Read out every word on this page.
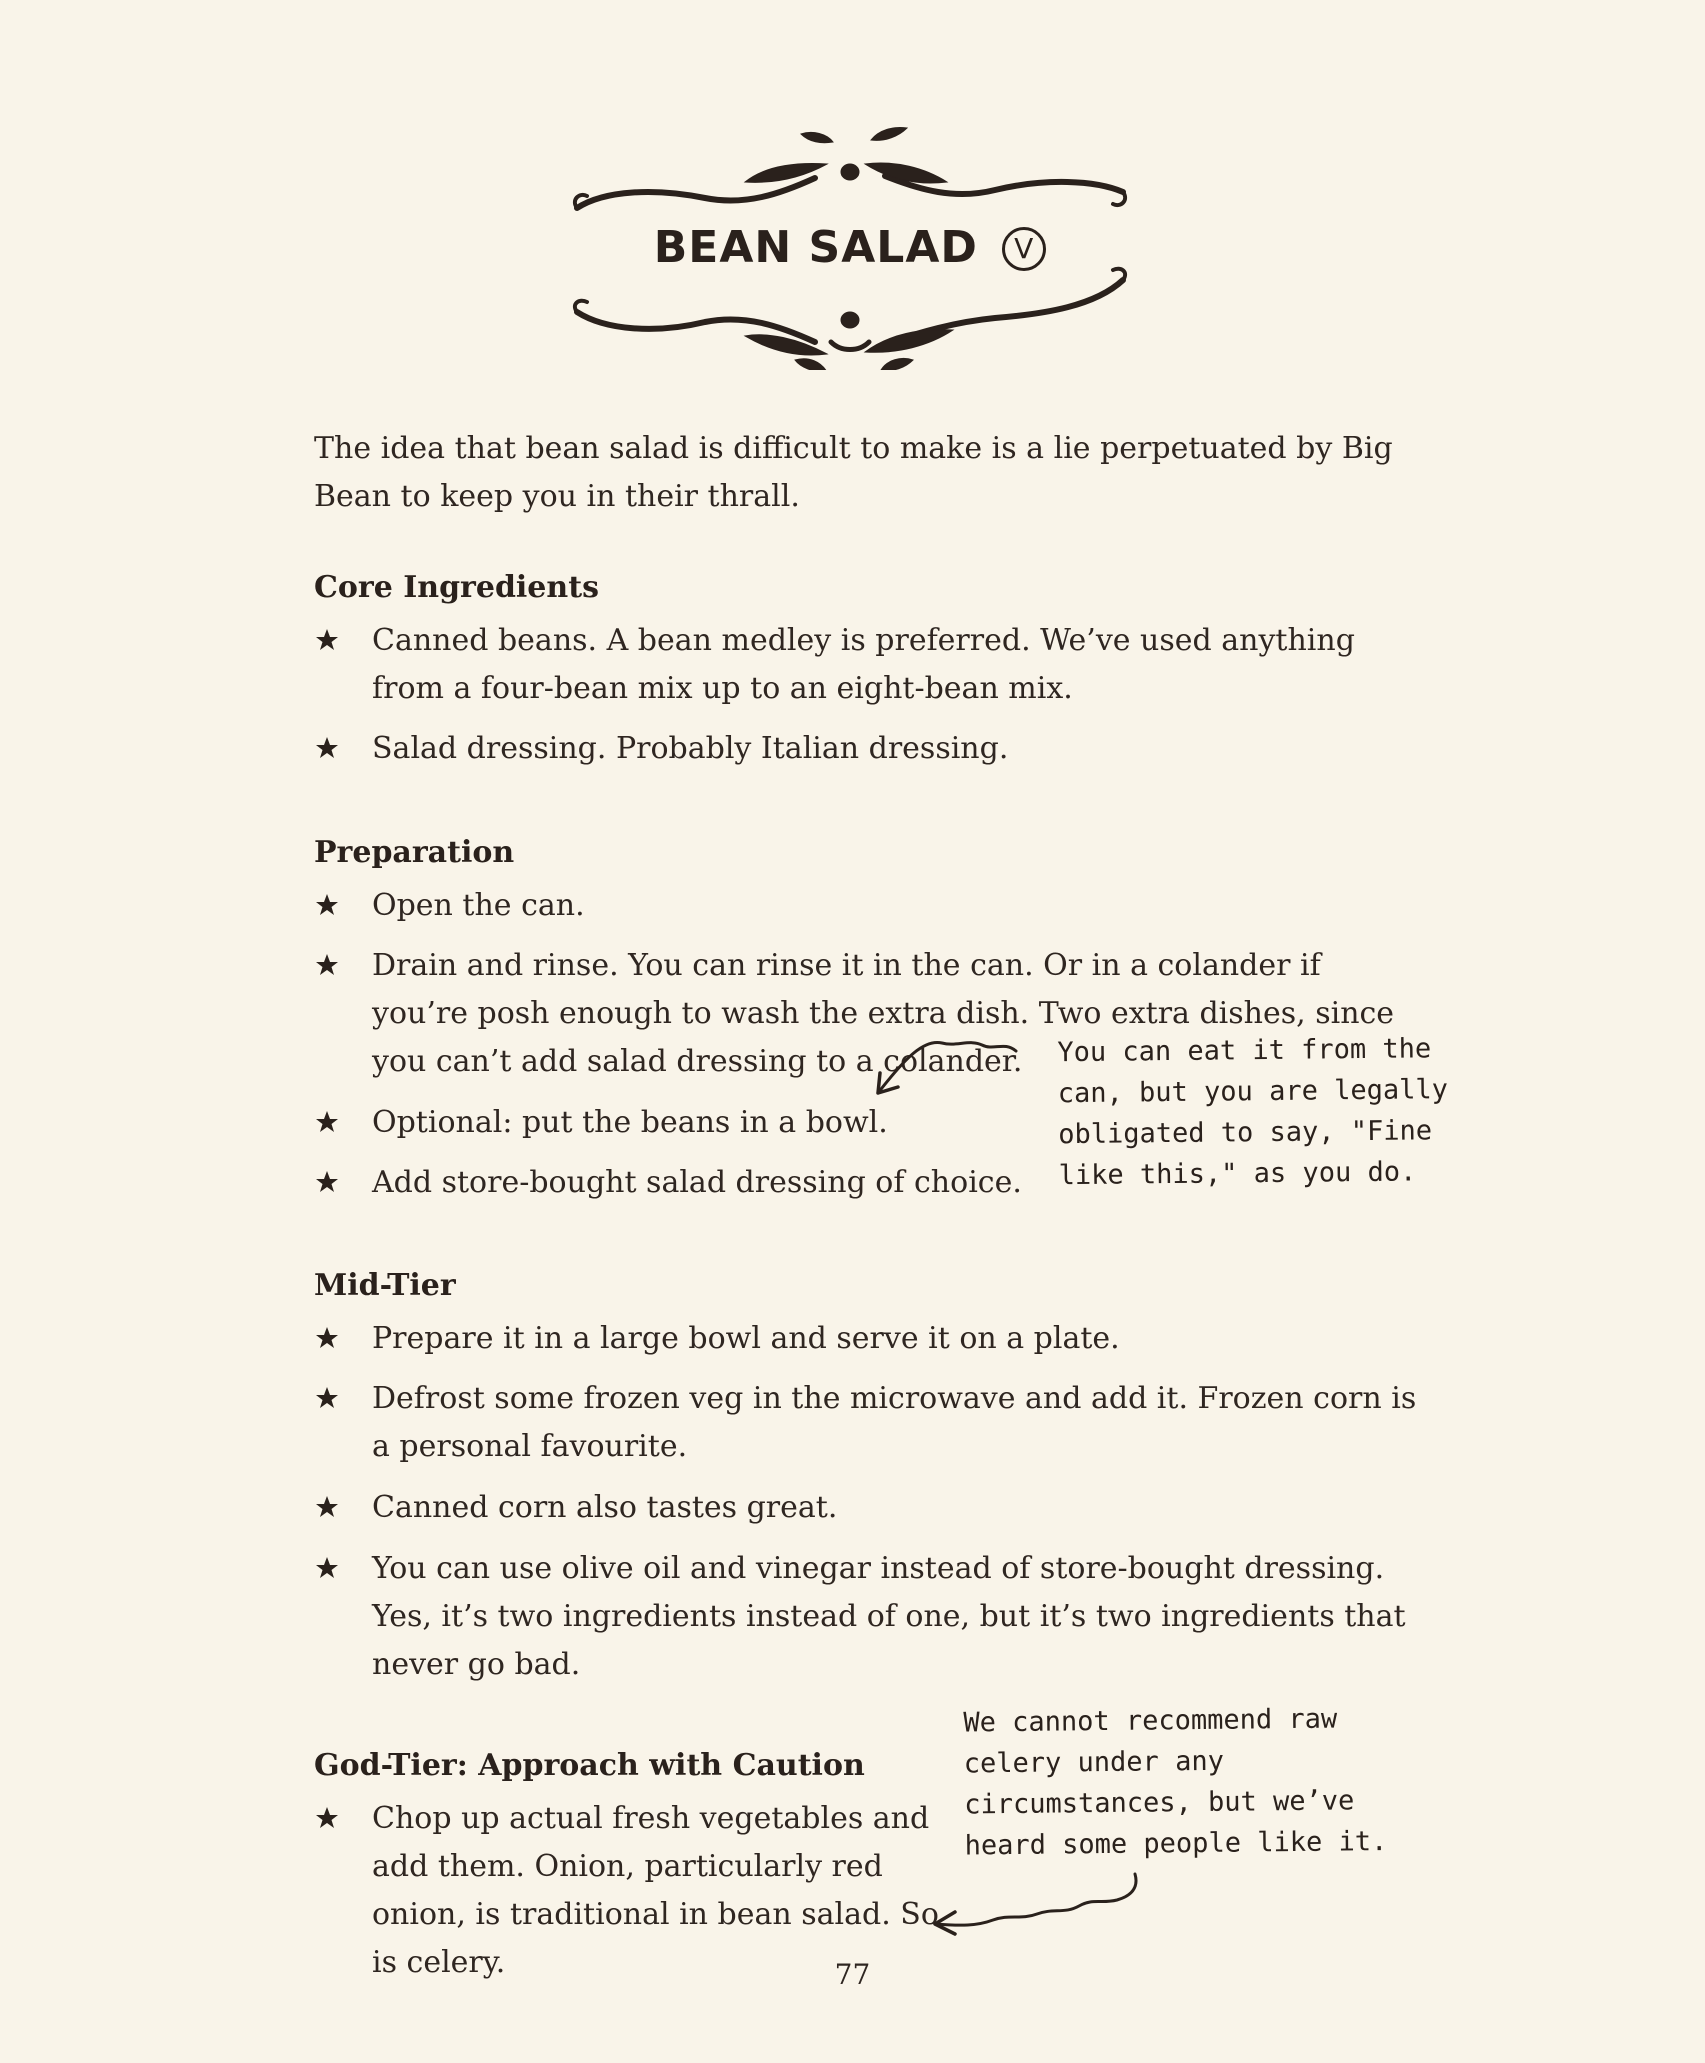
BEAN SALAD V

The idea that bean salad is difficult to make is a lie perpetuated by Big Bean to keep you in their thrall.

Core Ingredients

Canned beans. A bean medley is preferred. We’ve used anything from a four-bean mix up to an eight-bean mix.

Salad dressing. Probably Italian dressing.

Preparation

Open the can.

Drain and rinse. You can rinse it in the can. Or in a colander if you’re posh enough to wash the extra dish. Two extra dishes, since you can’t add salad dressing to a colander.

Optional: put the beans in a bowl.

Add store-bought salad dressing of choice.

You can eat it from the can, but you are legally obligated to say, "Fine like this," as you do.

Mid-Tier

Prepare it in a large bowl and serve it on a plate.

Defrost some frozen veg in the microwave and add it. Frozen corn is a personal favourite.

Canned corn also tastes great.

You can use olive oil and vinegar instead of store-bought dressing. Yes, it’s two ingredients instead of one, but it’s two ingredients that never go bad.

We cannot recommend raw celery under any circumstances, but we’ve heard some people like it.

God-Tier: Approach with Caution

Chop up actual fresh vegetables and add them. Onion, particularly red onion, is traditional in bean salad. So is celery.	77
